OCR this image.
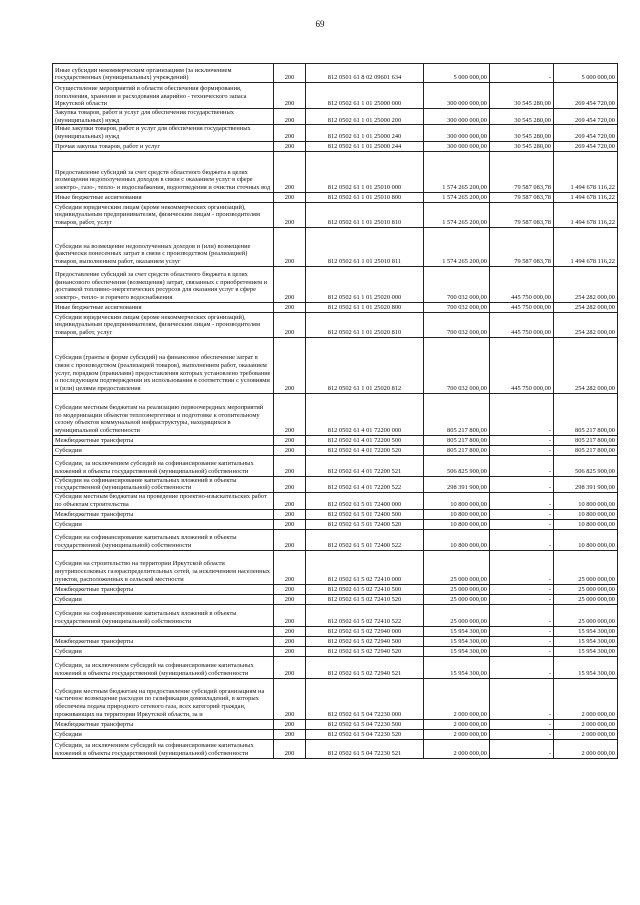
69
Иные субсидии некоммерческим организациям (за исключением государственных (муниципальных) учреждений)	200	812 0501 61 8 02 09601 634	5 000 000,00	-	5 000 000,00
Осуществление мероприятий в области обеспечения формирования, пополнения, хранения и расходования аварийно - технического запаса Иркутской области	200	812 0502 61 1 01 25000 000	300 000 000,00	30 545 280,00	269 454 720,00
Закупка товаров, работ и услуг для обеспечения государственных (муниципальных) нужд	200	812 0502 61 1 01 25000 200	300 000 000,00	30 545 280,00	269 454 720,00
Иные закупки товаров, работ и услуг для обеспечения государственных (муниципальных) нужд	200	812 0502 61 1 01 25000 240	300 000 000,00	30 545 280,00	269 454 720,00
Прочая закупка товаров, работ и услуг	200	812 0502 61 1 01 25000 244	300 000 000,00	30 545 280,00	269 454 720,00
Предоставление субсидий за счет средств областного бюджета в целях возмещения недополученных доходов в связи с оказанием услуг в сфере электро-, газо-, тепло- и водоснабжения, водоотведения и очистки сточных вод	200	812 0502 61 1 01 25010 000	1 574 265 200,00	79 587 083,78	1 494 678 116,22
Иные бюджетные ассигнования	200	812 0502 61 1 01 25010 800	1 574 265 200,00	79 587 083,78	1 494 678 116,22
Субсидии юридическим лицам (кроме некоммерческих организаций), индивидуальным предпринимателям, физическим лицам - производителям товаров, работ, услуг	200	812 0502 61 1 01 25010 810	1 574 265 200,00	79 587 083,78	1 494 678 116,22
Субсидии на возмещение недополученных доходов и (или) возмещение фактически понесенных затрат в связи с производством (реализацией) товаров, выполнением работ, оказанием услуг	200	812 0502 61 1 01 25010 811	1 574 265 200,00	79 587 083,78	1 494 678 116,22
Предоставление субсидий за счет средств областного бюджета в целях финансового обеспечения (возмещения) затрат, связанных с приобретением и доставкой топливно-энергетических ресурсов для оказания услуг в сфере электро-, тепло- и горячего водоснабжения	200	812 0502 61 1 01 25020 000	700 032 000,00	445 750 000,00	254 282 000,00
Иные бюджетные ассигнования	200	812 0502 61 1 01 25020 800	700 032 000,00	445 750 000,00	254 282 000,00
Субсидии юридическим лицам (кроме некоммерческих организаций), индивидуальным предпринимателям, физическим лицам - производителям товаров, работ, услуг	200	812 0502 61 1 01 25020 810	700 032 000,00	445 750 000,00	254 282 000,00
Субсидии (гранты в форме субсидий) на финансовое обеспечение затрат в связи с производством (реализацией товаров), выполнением работ, оказанием услуг, порядком (правилами) предоставления которых установлено требование о последующем подтверждении их использования в соответствии с условиями и (или) целями предоставления	200	812 0502 61 1 01 25020 812	700 032 000,00	445 750 000,00	254 282 000,00
Субсидии местным бюджетам на реализацию первоочередных мероприятий по модернизации объектов теплоэнергетики и подготовке к отопительному сезону объектов коммунальной инфраструктуры, находящихся в муниципальной собственности	200	812 0502 61 4 01 72200 000	805 217 800,00	-	805 217 800,00
Межбюджетные трансферты	200	812 0502 61 4 01 72200 500	805 217 800,00	-	805 217 800,00
Субсидии	200	812 0502 61 4 01 72200 520	805 217 800,00	-	805 217 800,00
Субсидии, за исключением субсидий на софинансирование капитальных вложений в объекты государственной (муниципальной) собственности	200	812 0502 61 4 01 72200 521	506 825 900,00	-	506 825 900,00
Субсидии на софинансирование капитальных вложений в объекты государственной (муниципальной) собственности	200	812 0502 61 4 01 72200 522	298 391 900,00	-	298 391 900,00
Субсидии местным бюджетам на проведение проектно-изыскательских работ по объектам строительства	200	812 0502 61 5 01 72400 000	10 800 000,00	-	10 800 000,00
Межбюджетные трансферты	200	812 0502 61 5 01 72400 500	10 800 000,00	-	10 800 000,00
Субсидии	200	812 0502 61 5 01 72400 520	10 800 000,00	-	10 800 000,00
Субсидии на софинансирование капитальных вложений в объекты государственной (муниципальной) собственности	200	812 0502 61 5 01 72400 522	10 800 000,00	-	10 800 000,00
Субсидии на строительство на территории Иркутской области внутрипоселковых газораспределительных сетей, за исключением населенных пунктов, расположенных в сельской местности	200	812 0502 61 5 02 72410 000	25 000 000,00	-	25 000 000,00
Межбюджетные трансферты	200	812 0502 61 5 02 72410 500	25 000 000,00	-	25 000 000,00
Субсидии	200	812 0502 61 5 02 72410 520	25 000 000,00	-	25 000 000,00
Субсидии на софинансирование капитальных вложений в объекты государственной (муниципальной) собственности	200	812 0502 61 5 02 72410 522	25 000 000,00	-	25 000 000,00
	200	812 0502 61 5 02 72940 000	15 954 300,00	-	15 954 300,00
Межбюджетные трансферты	200	812 0502 61 5 02 72940 500	15 954 300,00	-	15 954 300,00
Субсидии	200	812 0502 61 5 02 72940 520	15 954 300,00	-	15 954 300,00
Субсидии, за исключением субсидий на софинансирование капитальных вложений в объекты государственной (муниципальной) собственности	200	812 0502 61 5 02 72940 521	15 954 300,00	-	15 954 300,00
Субсидии местным бюджетам на предоставление субсидий организациям на частичное возмещение расходов по газификации домовладений, в которых обеспечена подача природного сетевого газа, всех категорий граждан, проживающих на территории Иркутской области, за и	200	812 0502 61 5 04 72230 000	2 000 000,00	-	2 000 000,00
Межбюджетные трансферты	200	812 0502 61 5 04 72230 500	2 000 000,00	-	2 000 000,00
Субсидии	200	812 0502 61 5 04 72230 520	2 000 000,00	-	2 000 000,00
Субсидии, за исключением субсидий на софинансирование капитальных вложений в объекты государственной (муниципальной) собственности	200	812 0502 61 5 04 72230 521	2 000 000,00	-	2 000 000,00
